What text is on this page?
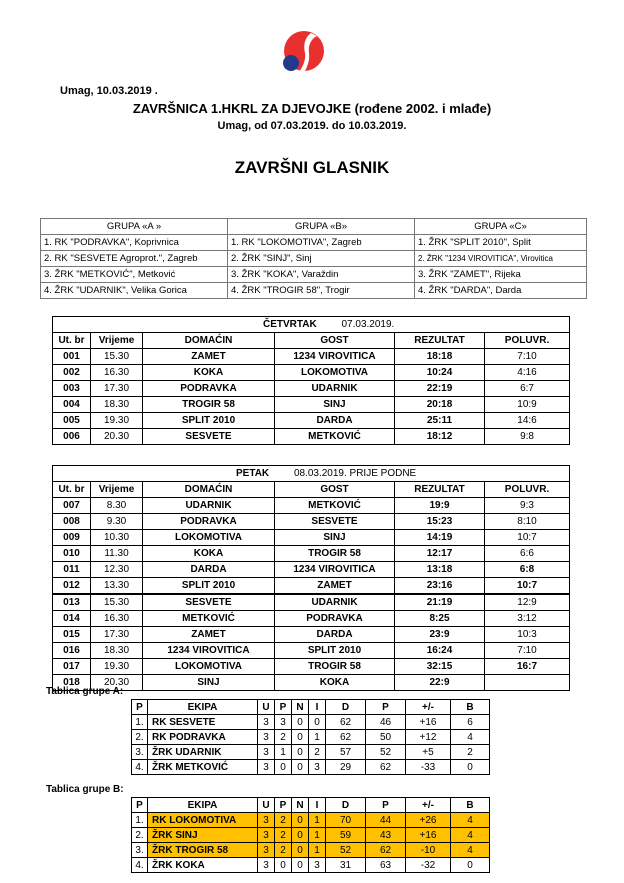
Umag, 10.03.2019 .
ZAVRŠNICA 1.HKRL ZA DJEVOJKE (rođene 2002. i mlađe)
Umag, od 07.03.2019. do 10.03.2019.
ZAVRŠNI GLASNIK
GRUPA «A »	GRUPA «B»	GRUPA «C»
1. RK "PODRAVKA", Koprivnica	1. RK "LOKOMOTIVA", Zagreb	1. ŽRK "SPLIT 2010", Split
2. RK "SESVETE Agroprot.", Zagreb	2. ŽRK "SINJ", Sinj	2. ŽRK "1234 VIROVITICA", Virovitica
3. ŽRK "METKOVIĆ", Metković	3. ŽRK "KOKA", Varaždin	3. ŽRK "ZAMET", Rijeka
4. ŽRK "UDARNIK", Velika Gorica	4. ŽRK "TROGIR 58", Trogir	4. ŽRK "DARDA", Darda
ČETVRTAK 07.03.2019.					
Ut. br	Vrijeme	DOMAĆIN	GOST	REZULTAT	POLUVR.
001	15.30	ZAMET	1234 VIROVITICA	18:18	7:10
002	16.30	KOKA	LOKOMOTIVA	10:24	4:16
003	17.30	PODRAVKA	UDARNIK	22:19	6:7
004	18.30	TROGIR 58	SINJ	20:18	10:9
005	19.30	SPLIT 2010	DARDA	25:11	14:6
006	20.30	SESVETE	METKOVIĆ	18:12	9:8
PETAK 08.03.2019. PRIJE PODNE					
Ut. br	Vrijeme	DOMAĆIN	GOST	REZULTAT	POLUVR.
007	8.30	UDARNIK	METKOVIĆ	19:9	9:3
008	9.30	PODRAVKA	SESVETE	15:23	8:10
009	10.30	LOKOMOTIVA	SINJ	14:19	10:7
010	11.30	KOKA	TROGIR 58	12:17	6:6
011	12.30	DARDA	1234 VIROVITICA	13:18	6:8
012	13.30	SPLIT 2010	ZAMET	23:16	10:7
013	15.30	SESVETE	UDARNIK	21:19	12:9
014	16.30	METKOVIĆ	PODRAVKA	8:25	3:12
015	17.30	ZAMET	DARDA	23:9	10:3
016	18.30	1234 VIROVITICA	SPLIT 2010	16:24	7:10
017	19.30	LOKOMOTIVA	TROGIR 58	32:15	16:7
018	20.30	SINJ	KOKA	22:9	
Tablica grupe A:
P	EKIPA	U	P	N	I	D	P	+/-	B
1.	RK SESVETE	3	3	0	0	62	46	+16	6
2.	RK PODRAVKA	3	2	0	1	62	50	+12	4
3.	ŽRK UDARNIK	3	1	0	2	57	52	+5	2
4.	ŽRK METKOVIĆ	3	0	0	3	29	62	-33	0
Tablica grupe B:
P	EKIPA	U	P	N	I	D	P	+/-	B
1.	RK LOKOMOTIVA	3	2	0	1	70	44	+26	4
2.	ŽRK SINJ	3	2	0	1	59	43	+16	4
3.	ŽRK TROGIR 58	3	2	0	1	52	62	-10	4
4.	ŽRK KOKA	3	0	0	3	31	63	-32	0
